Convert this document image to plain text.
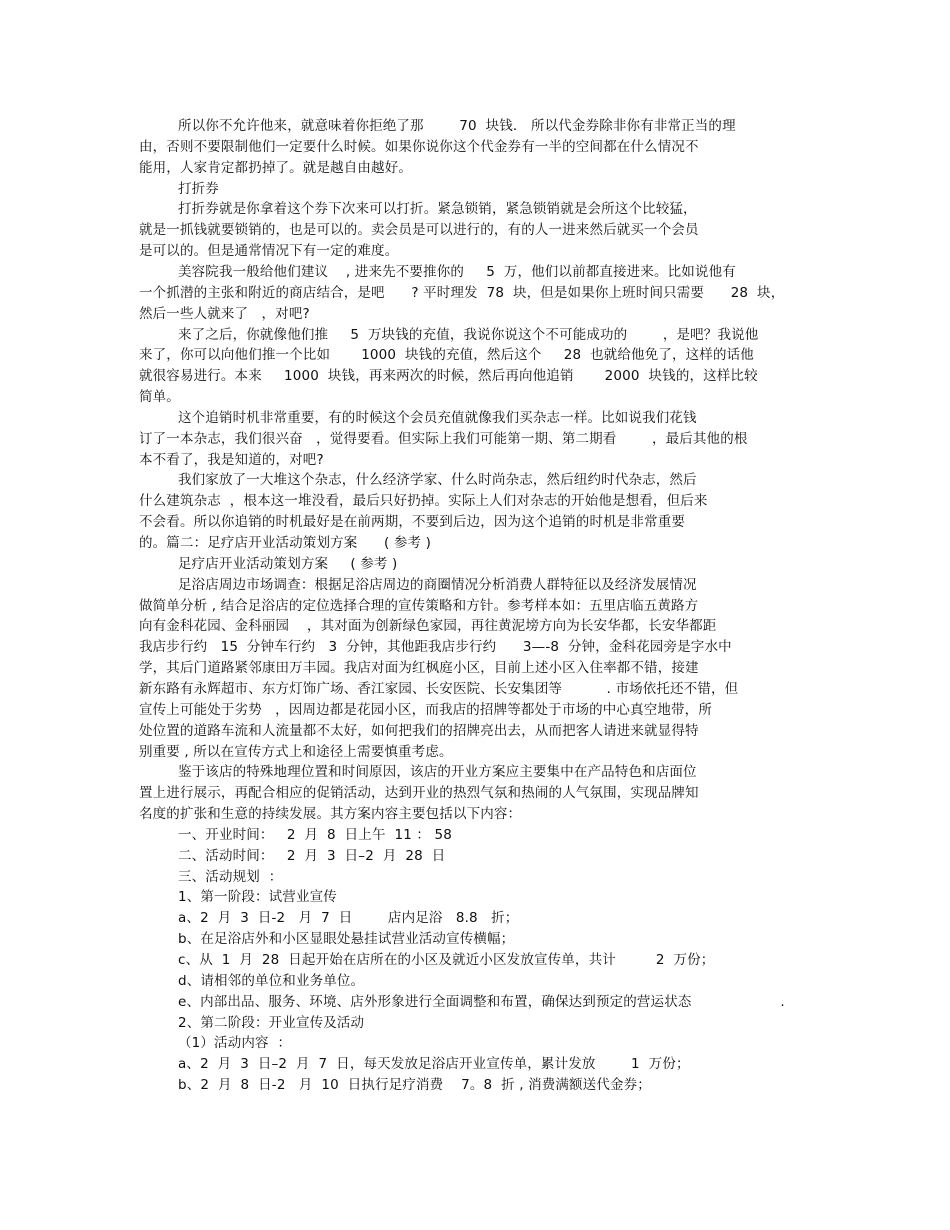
所以你不允许他来，就意味着你拒绝了那        70  块钱． 所以代金券除非你有非常正当的理
由，否则不要限制他们一定要什么时候。如果你说你这个代金券有一半的空间都在什么情况不
能用，人家肯定都扔掉了。就是越自由越好。
打折券
打折券就是你拿着这个券下次来可以打折。紧急锁销，紧急锁销就是会所这个比较猛，
就是一抓钱就要锁销的，也是可以的。卖会员是可以进行的，有的人一进来然后就买一个会员
是可以的。但是通常情况下有一定的难度。
美容院我一般给他们建议    , 进来先不要推你的     5  万，他们以前都直接进来。比如说他有
一个抓潜的主张和附近的商店结合，是吧      ? 平时理发  78  块，但是如果你上班时间只需要      28  块，
然后一些人就来了   ，对吧?
来了之后，你就像他们推     5  万块钱的充值，我说你说这个不可能成功的        ，是吧？我说他
来了，你可以向他们推一个比如       1000  块钱的充值，然后这个     28  也就给他免了，这样的话他
就很容易进行。本来     1000  块钱，再来两次的时候，然后再向他追销       2000  块钱的，这样比较
简单。
这个追销时机非常重要，有的时候这个会员充值就像我们买杂志一样。比如说我们花钱
订了一本杂志，我们很兴奋   ，觉得要看。但实际上我们可能第一期、第二期看        ，最后其他的根
本不看了，我是知道的，对吧?
我们家放了一大堆这个杂志，什么经济学家、什么时尚杂志，然后纽约时代杂志，然后
什么建筑杂志  ，根本这一堆没看，最后只好扔掉。实际上人们对杂志的开始他是想看，但后来
不会看。所以你追销的时机最好是在前两期，不要到后边，因为这个追销的时机是非常重要
的。篇二：足疗店开业活动策划方案      ( 参考 )
足疗店开业活动策划方案     ( 参考 )
足浴店周边市场调查：根据足浴店周边的商圈情况分析消费人群特征以及经济发展情况
做简单分析 , 结合足浴店的定位选择合理的宣传策略和方针。参考样本如：五里店临五黄路方
向有金科花园、金科丽园    ，其对面为创新绿色家园，再往黄泥塝方向为长安华都，长安华都距
我店步行约   15  分钟车行约   3  分钟，其他距我店步行约      3—-8  分钟，金科花园旁是字水中
学，其后门道路紧邻康田万丰园。我店对面为红枫庭小区，目前上述小区入住率都不错，接建
新东路有永辉超市、东方灯饰广场、香江家园、长安医院、长安集团等          . 市场依托还不错，但
宣传上可能处于劣势   ，因周边都是花园小区，而我店的招牌等都处于市场的中心真空地带，所
处位置的道路车流和人流量都不太好，如何把我们的招牌亮出去，从而把客人请进来就显得特
别重要 , 所以在宣传方式上和途径上需要慎重考虑。
鉴于该店的特殊地理位置和时间原因，该店的开业方案应主要集中在产品特色和店面位
置上进行展示，再配合相应的促销活动，达到开业的热烈气氛和热闹的人气氛围，实现品牌知
名度的扩张和生意的持续发展。其方案内容主要包括以下内容：
一、开业时间：   2  月  8  日上午  11 ： 58
二、活动时间：   2  月  3  日–2  月  28  日
三、活动规划  ：
1、第一阶段：试营业宣传
a、2  月  3  日-2   月  7  日        店内足浴   8.8   折；
b、在足浴店外和小区显眼处悬挂试营业活动宣传横幅；
c、从  1  月  28  日起开始在店所在的小区及就近小区发放宣传单，共计         2  万份；
d、请相邻的单位和业务单位。
e、内部出品、服务、环境、店外形象进行全面调整和布置，确保达到预定的营运状态                    .
2、第二阶段：开业宣传及活动
（1）活动内容  ：
a、2  月  3  日–2  月  7  日，每天发放足浴店开业宣传单，累计发放        1  万份；
b、2  月  8  日-2   月  10  日执行足疗消费    7。8  折 , 消费满额送代金券；
